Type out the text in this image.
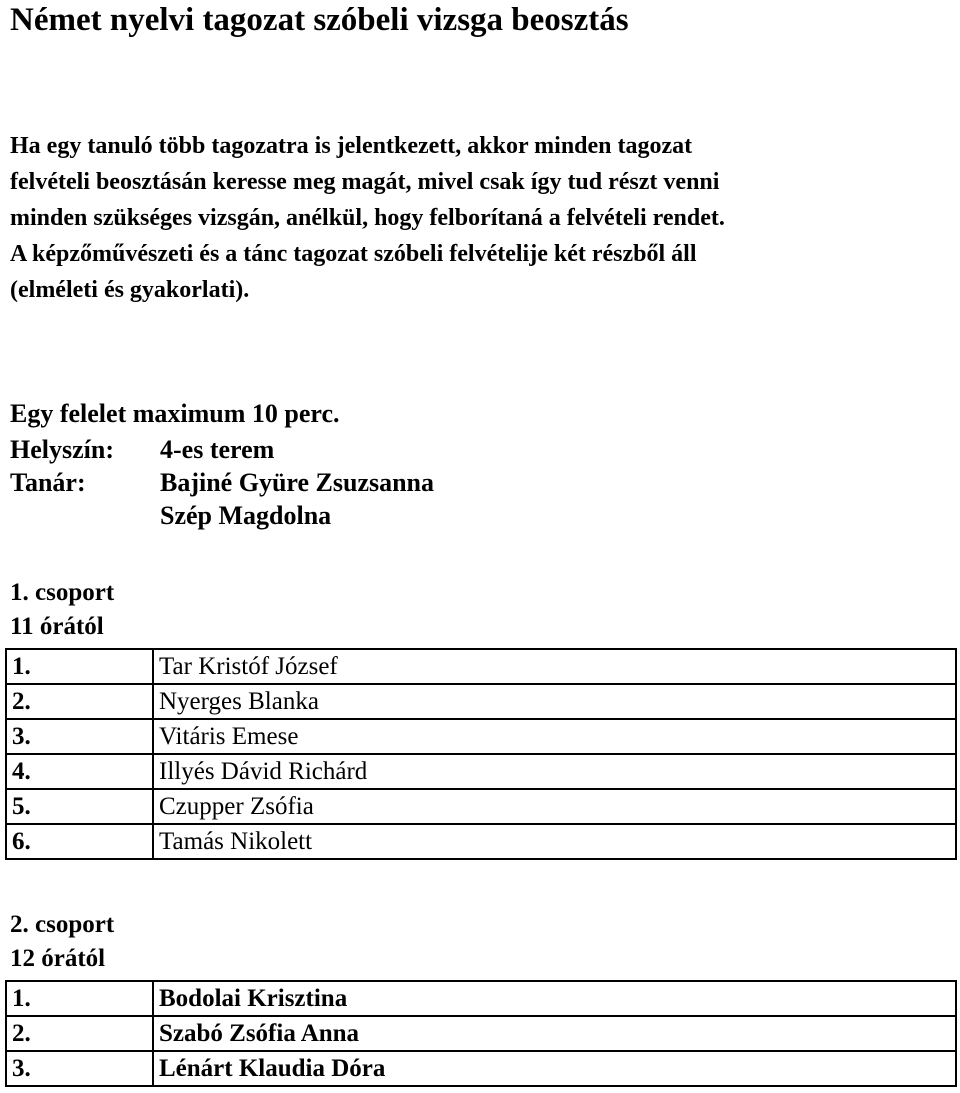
Német nyelvi tagozat szóbeli vizsga beosztás
Ha egy tanuló több tagozatra is jelentkezett, akkor minden tagozat
felvételi beosztásán keresse meg magát, mivel csak így tud részt venni
minden szükséges vizsgán, anélkül, hogy felborítaná a felvételi rendet.
A képzőművészeti és a tánc tagozat szóbeli felvételije két részből áll
(elméleti és gyakorlati).
Egy felelet maximum 10 perc.
Helyszín:	4-es terem
Tanár:	Bajiné Gyüre Zsuzsanna
Szép Magdolna
1. csoport
11 órától
1.	Tar Kristóf József
2.	Nyerges Blanka
3.	Vitáris Emese
4.	Illyés Dávid Richárd
5.	Czupper Zsófia
6.	Tamás Nikolett
2. csoport
12 órától
1.	Bodolai Krisztina
2.	Szabó Zsófia Anna
3.	Lénárt Klaudia Dóra
